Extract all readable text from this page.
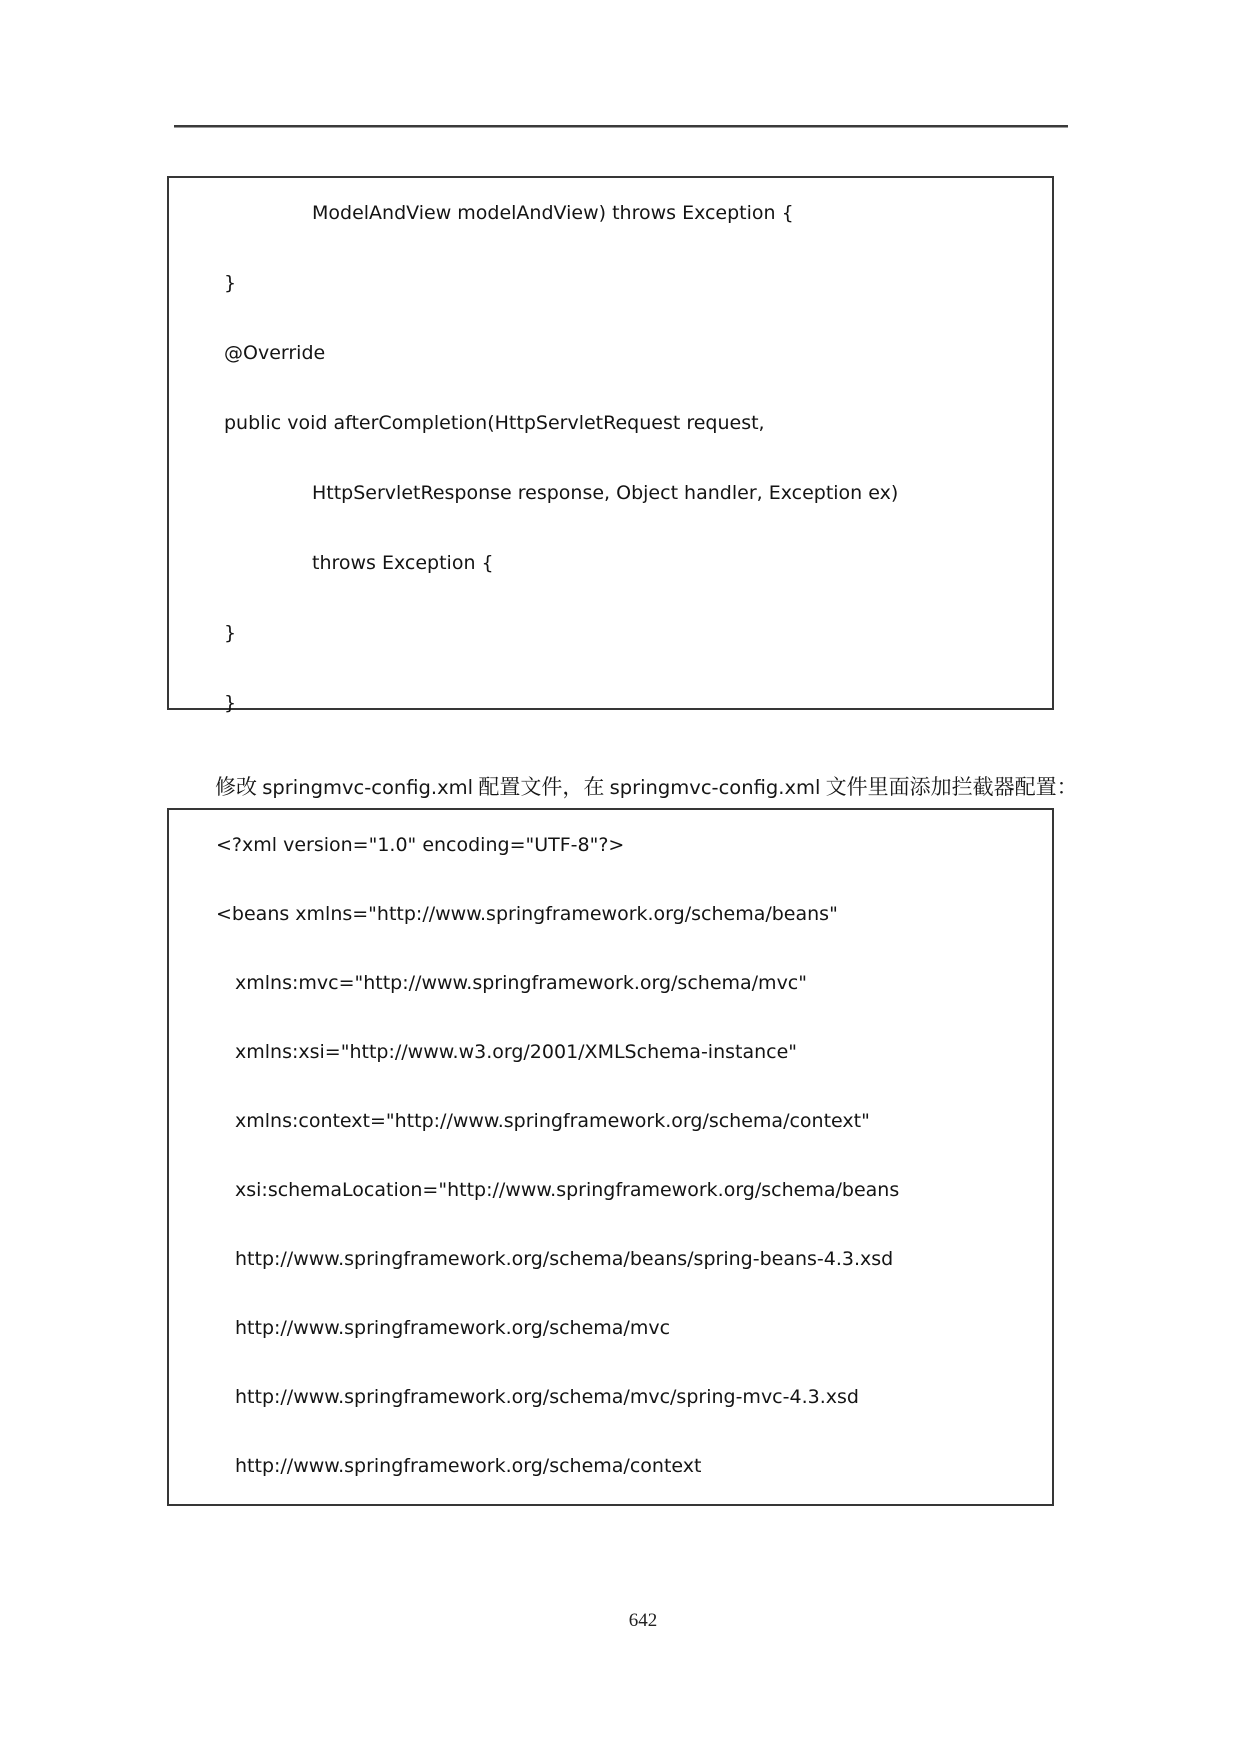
ModelAndView modelAndView) throws Exception {
}
@Override
public void afterCompletion(HttpServletRequest request,
HttpServletResponse response, Object handler, Exception ex)
throws Exception {
}
}

修改 springmvc-config.xml 配置文件，在 springmvc-config.xml 文件里面添加拦截器配置：

<?xml version="1.0" encoding="UTF-8"?>
<beans xmlns="http://www.springframework.org/schema/beans"
xmlns:mvc="http://www.springframework.org/schema/mvc"
xmlns:xsi="http://www.w3.org/2001/XMLSchema-instance"
xmlns:context="http://www.springframework.org/schema/context"
xsi:schemaLocation="http://www.springframework.org/schema/beans
http://www.springframework.org/schema/beans/spring-beans-4.3.xsd
http://www.springframework.org/schema/mvc
http://www.springframework.org/schema/mvc/spring-mvc-4.3.xsd
http://www.springframework.org/schema/context
642
